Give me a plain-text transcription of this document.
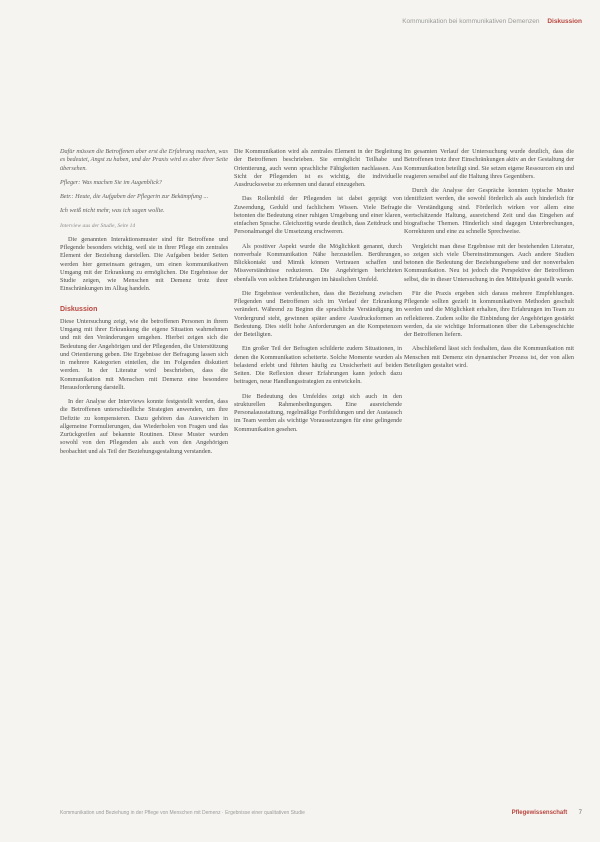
Kommunikation bei kommunikativen Demenzen Diskussion

Dafür müssen die Betroffenen aber erst die Erfahrung machen, was es bedeutet, Angst zu haben, und der Praxis wird es aber ihrer Seite übersehen.

Pfleger: Was machen Sie im Augenblick?

Betr.: Heute, die Aufgaben der Pflegerin zur Bekämpfung ...

Ich weiß nicht mehr, was ich sagen wollte.

Interview aus der Studie, Seite 14

Die genannten Interaktionsmuster sind für Betroffene und Pflegende besonders wichtig, weil sie in ihrer Pflege ein zentrales Element der Beziehung darstellen. Die Aufgaben beider Seiten werden hier gemeinsam getragen, um einen kommunikativen Umgang mit der Erkrankung zu ermöglichen. Die Ergebnisse der Studie zeigen, wie Menschen mit Demenz trotz ihrer Einschränkungen im Alltag handeln.

Diskussion

Diese Untersuchung zeigt, wie die betroffenen Personen in ihrem Umgang mit ihrer Erkrankung die eigene Situation wahrnehmen und mit den Veränderungen umgehen. Hierbei zeigen sich die Bedeutung der Angehörigen und der Pflegenden, die Unterstützung und Orientierung geben. Die Ergebnisse der Befragung lassen sich in mehrere Kategorien einteilen, die im Folgenden diskutiert werden. In der Literatur wird beschrieben, dass die Kommunikation mit Menschen mit Demenz eine besondere Herausforderung darstellt.

In der Analyse der Interviews konnte festgestellt werden, dass die Betroffenen unterschiedliche Strategien anwenden, um ihre Defizite zu kompensieren. Dazu gehören das Ausweichen in allgemeine Formulierungen, das Wiederholen von Fragen und das Zurückgreifen auf bekannte Routinen. Diese Muster wurden sowohl von den Pflegenden als auch von den Angehörigen beobachtet und als Teil der Beziehungsgestaltung verstanden.

Die Kommunikation wird als zentrales Element in der Begleitung der Betroffenen beschrieben. Sie ermöglicht Teilhabe und Orientierung, auch wenn sprachliche Fähigkeiten nachlassen. Aus Sicht der Pflegenden ist es wichtig, die individuelle Ausdrucksweise zu erkennen und darauf einzugehen.

Das Rollenbild der Pflegenden ist dabei geprägt von Zuwendung, Geduld und fachlichem Wissen. Viele Befragte betonten die Bedeutung einer ruhigen Umgebung und einer klaren, einfachen Sprache. Gleichzeitig wurde deutlich, dass Zeitdruck und Personalmangel die Umsetzung erschweren.

Als positiver Aspekt wurde die Möglichkeit genannt, durch nonverbale Kommunikation Nähe herzustellen. Berührungen, Blickkontakt und Mimik können Vertrauen schaffen und Missverständnisse reduzieren. Die Angehörigen berichteten ebenfalls von solchen Erfahrungen im häuslichen Umfeld.

Die Ergebnisse verdeutlichen, dass die Beziehung zwischen Pflegenden und Betroffenen sich im Verlauf der Erkrankung verändert. Während zu Beginn die sprachliche Verständigung im Vordergrund steht, gewinnen später andere Ausdrucksformen an Bedeutung. Dies stellt hohe Anforderungen an die Kompetenzen der Beteiligten.

Ein großer Teil der Befragten schilderte zudem Situationen, in denen die Kommunikation scheiterte. Solche Momente wurden als belastend erlebt und führten häufig zu Unsicherheit auf beiden Seiten. Die Reflexion dieser Erfahrungen kann jedoch dazu beitragen, neue Handlungsstrategien zu entwickeln.

Die Bedeutung des Umfeldes zeigt sich auch in den strukturellen Rahmenbedingungen. Eine ausreichende Personalausstattung, regelmäßige Fortbildungen und der Austausch im Team werden als wichtige Voraussetzungen für eine gelingende Kommunikation gesehen.

Im gesamten Verlauf der Untersuchung wurde deutlich, dass die Betroffenen trotz ihrer Einschränkungen aktiv an der Gestaltung der Kommunikation beteiligt sind. Sie setzen eigene Ressourcen ein und reagieren sensibel auf die Haltung ihres Gegenübers.

Durch die Analyse der Gespräche konnten typische Muster identifiziert werden, die sowohl förderlich als auch hinderlich für die Verständigung sind. Förderlich wirken vor allem eine wertschätzende Haltung, ausreichend Zeit und das Eingehen auf biografische Themen. Hinderlich sind dagegen Unterbrechungen, Korrekturen und eine zu schnelle Sprechweise.

Vergleicht man diese Ergebnisse mit der bestehenden Literatur, so zeigen sich viele Übereinstimmungen. Auch andere Studien betonen die Bedeutung der Beziehungsebene und der nonverbalen Kommunikation. Neu ist jedoch die Perspektive der Betroffenen selbst, die in dieser Untersuchung in den Mittelpunkt gestellt wurde.

Für die Praxis ergeben sich daraus mehrere Empfehlungen. Pflegende sollten gezielt in kommunikativen Methoden geschult werden und die Möglichkeit erhalten, ihre Erfahrungen im Team zu reflektieren. Zudem sollte die Einbindung der Angehörigen gestärkt werden, da sie wichtige Informationen über die Lebensgeschichte der Betroffenen liefern.

Abschließend lässt sich festhalten, dass die Kommunikation mit Menschen mit Demenz ein dynamischer Prozess ist, der von allen Beteiligten gestaltet wird.

Kommunikation und Beziehung in der Pflege von Menschen mit Demenz · Ergebnisse einer qualitativen Studie	Pflegewissenschaft 7
